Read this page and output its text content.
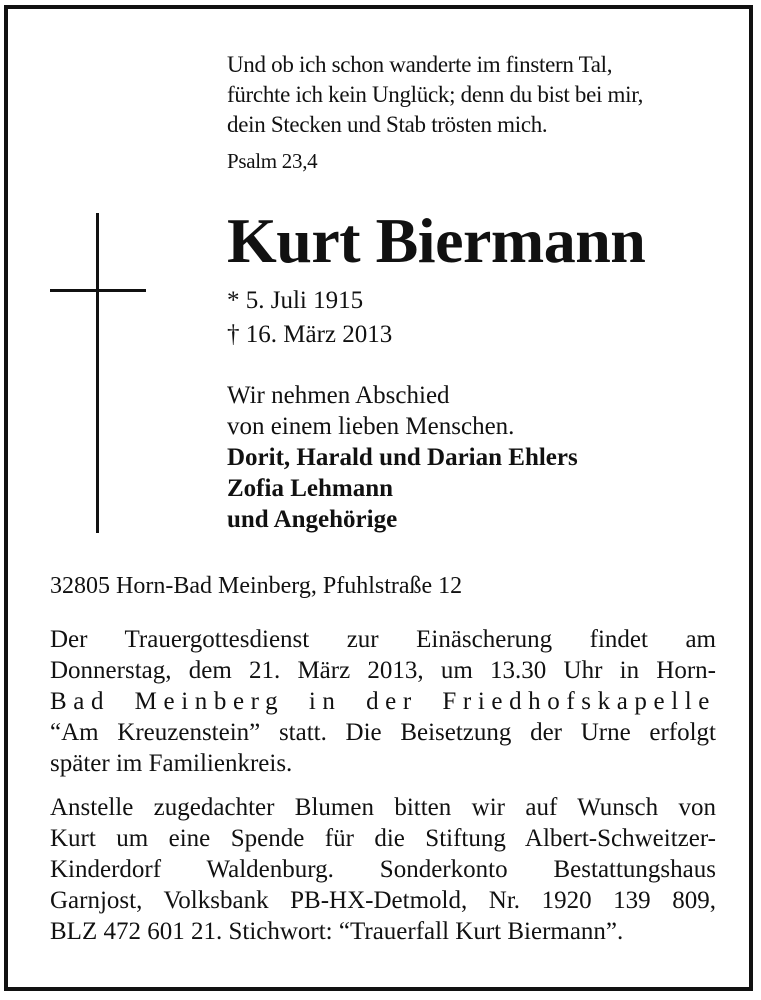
Und ob ich schon wanderte im finstern Tal,
fürchte ich kein Unglück; denn du bist bei mir,
dein Stecken und Stab trösten mich.
Psalm 23,4
Kurt Biermann
* 5. Juli 1915
† 16. März 2013
Wir nehmen Abschied
von einem lieben Menschen.
Dorit, Harald und Darian Ehlers
Zofia Lehmann
und Angehörige
32805 Horn-Bad Meinberg, Pfuhlstraße 12
Der Trauergottesdienst zur Einäscherung findet am
Donnerstag, dem 21. März 2013, um 13.30 Uhr in Horn-
Bad Meinberg in der Friedhofskapelle
“Am Kreuzenstein” statt. Die Beisetzung der Urne erfolgt
später im Familienkreis.
Anstelle zugedachter Blumen bitten wir auf Wunsch von
Kurt um eine Spende für die Stiftung Albert-Schweitzer-
Kinderdorf Waldenburg. Sonderkonto Bestattungshaus
Garnjost, Volksbank PB-HX-Detmold, Nr. 1920 139 809,
BLZ 472 601 21. Stichwort: “Trauerfall Kurt Biermann”.
